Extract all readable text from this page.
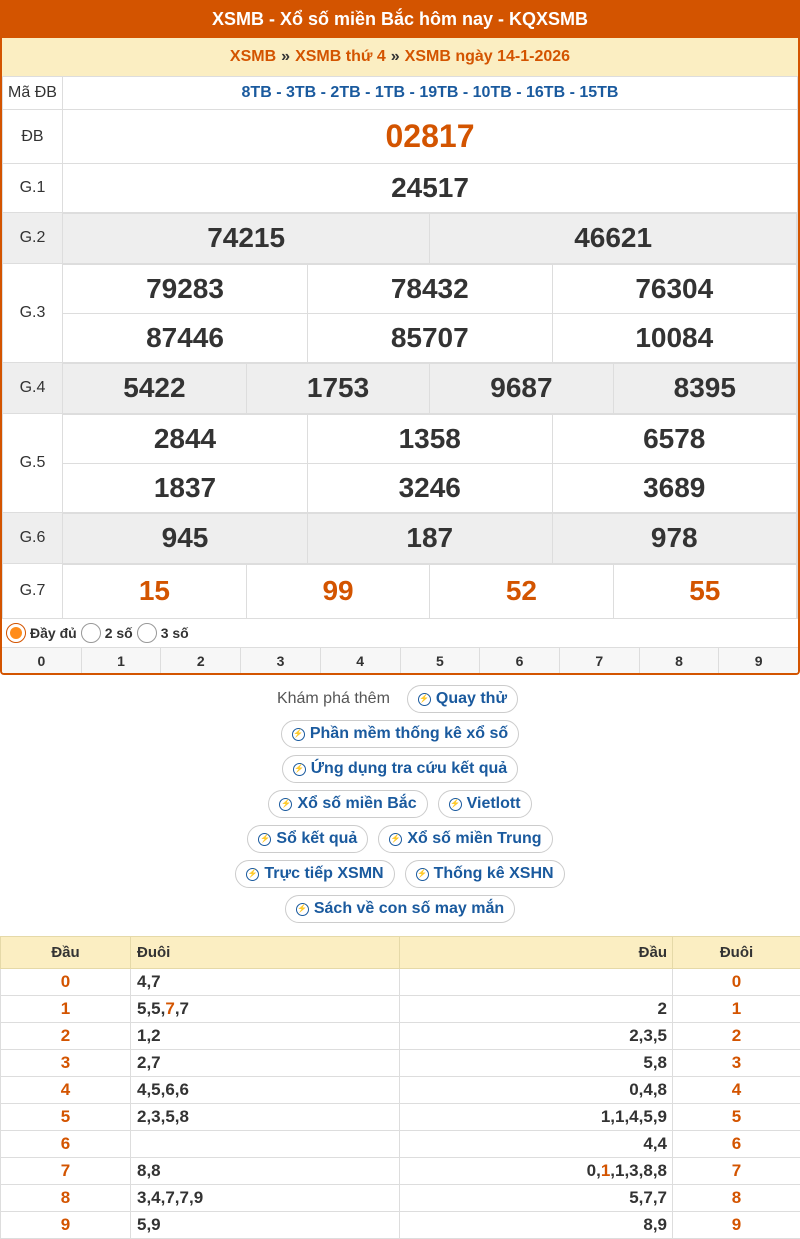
XSMB - Xổ số miền Bắc hôm nay - KQXSMB
XSMB » XSMB thứ 4 » XSMB ngày 14-1-2026
Mã ĐB	8TB - 3TB - 2TB - 1TB - 19TB - 10TB - 16TB - 15TB
ĐB	02817
G.1	24517
G.2		74215	46621

G.3	
79283	78432	76304
87446	85707	10084

G.4		5422	1753	9687	8395

G.5	
2844	1358	6578
1837	3246	3689

G.6		945	187	978

G.7		15	99	52	55
Đầy đủ 2 số 3 số
0	1	2	3	4	5	6	7	8	9
Khám phá thêm	⚡ Quay thử
⚡ Phần mềm thống kê xổ số
⚡ Ứng dụng tra cứu kết quả
⚡ Xổ số miền Bắc	⚡ Vietlott
⚡ Sổ kết quả	⚡ Xổ số miền Trung
⚡ Trực tiếp XSMN	⚡ Thống kê XSHN
⚡ Sách về con số may mắn
Đầu	Đuôi	Đầu	Đuôi
0	4,7		0
1	5,5,7,7	2	1
2	1,2	2,3,5	2
3	2,7	5,8	3
4	4,5,6,6	0,4,8	4
5	2,3,5,8	1,1,4,5,9	5
6		4,4	6
7	8,8	0,1,1,3,8,8	7
8	3,4,7,7,9	5,7,7	8
9	5,9	8,9	9
